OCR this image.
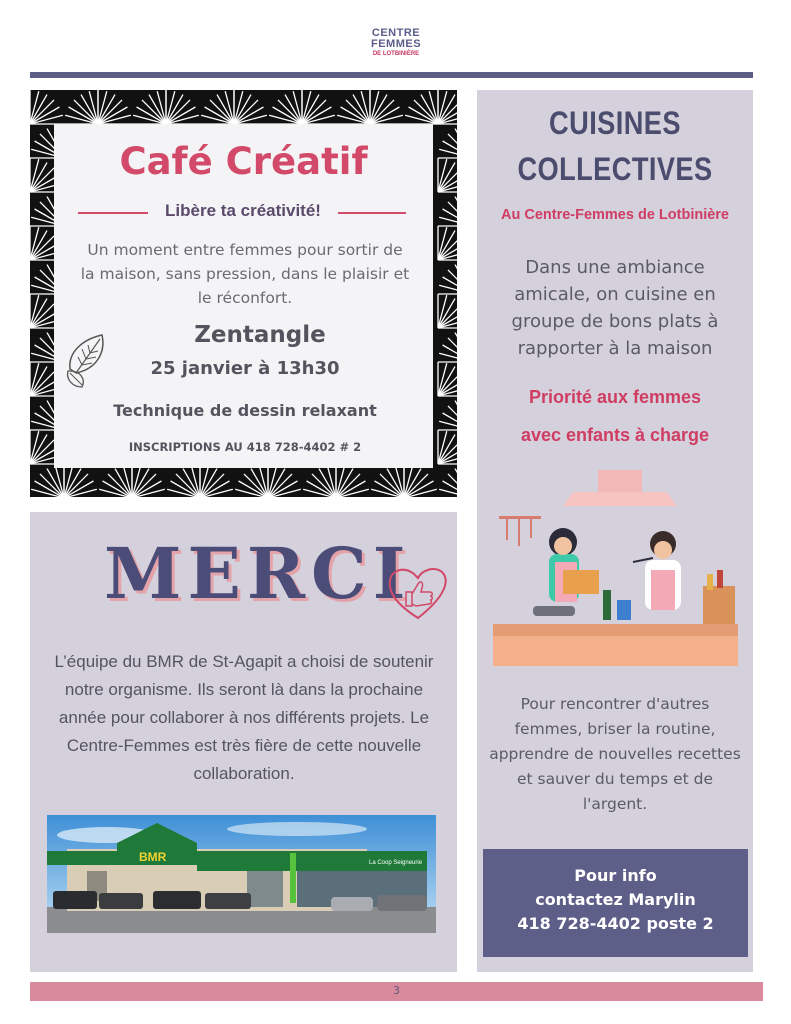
CENTRE
FEMMES
DE LOTBINIÈRE
Café Créatif
Libère ta créativité!
Un moment entre femmes pour sortir de la maison, sans pression, dans le plaisir et le réconfort.
Zentangle
25 janvier à 13h30
Technique de dessin relaxant
INSCRIPTIONS AU 418 728-4402 # 2
MERCI
L’équipe du BMR de St-Agapit a choisi de soutenir notre organisme. Ils seront là dans la prochaine année pour collaborer à nos différents projets. Le Centre-Femmes est très fière de cette nouvelle collaboration.
BMR	La Coop Seigneurie
CUISINES
COLLECTIVES
Au Centre-Femmes de Lotbinière
Dans une ambiance amicale, on cuisine en groupe de bons plats à rapporter à la maison
Priorité aux femmes
avec enfants à charge
Pour rencontrer d'autres femmes, briser la routine, apprendre de nouvelles recettes et sauver du temps et de l'argent.
Pour info
contactez Marylin
418 728-4402 poste 2
3
